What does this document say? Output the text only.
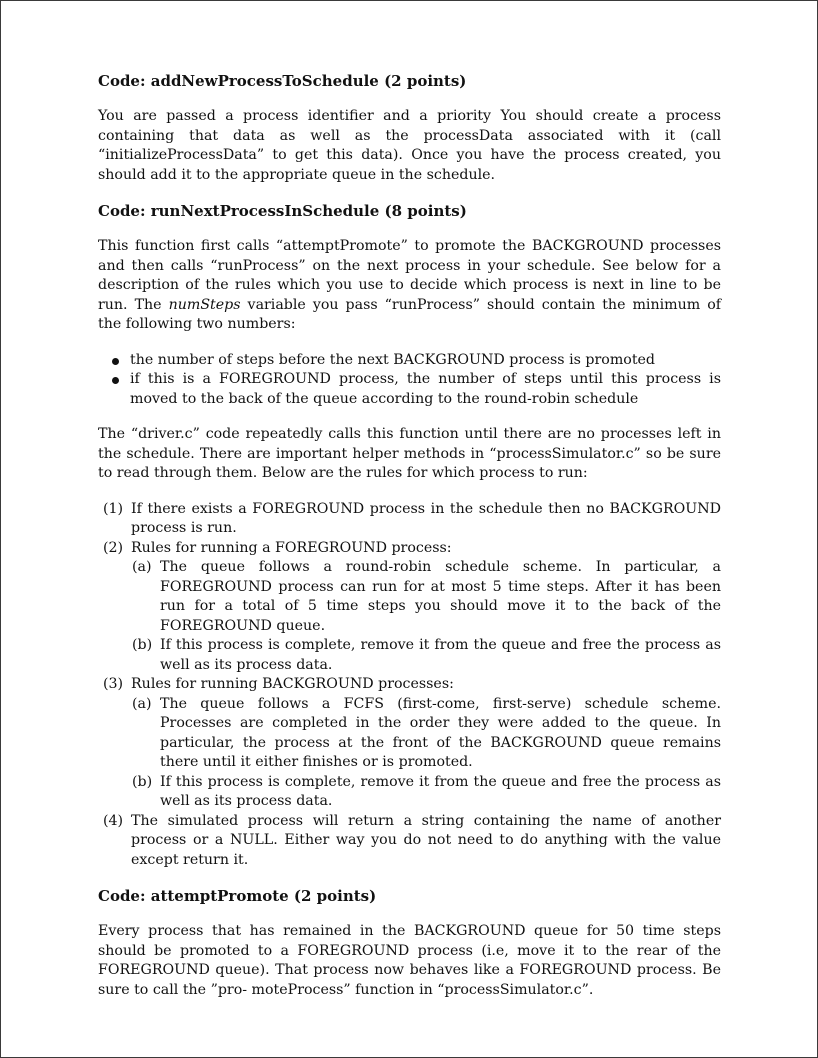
Code: addNewProcessToSchedule (2 points)

You are passed a process identifier and a priority You should create a process containing that data as well as the processData associated with it (call “initializeProcessData” to get this data). Once you have the process created, you should add it to the appropriate queue in the schedule.

Code: runNextProcessInSchedule (8 points)

This function first calls “attemptPromote” to promote the BACKGROUND processes and then calls “runProcess” on the next process in your schedule. See below for a description of the rules which you use to decide which process is next in line to be run. The numSteps variable you pass “runProcess” should contain the minimum of the following two numbers:

the number of steps before the next BACKGROUND process is promoted
if this is a FOREGROUND process, the number of steps until this process is moved to the back of the queue according to the round-robin schedule

The “driver.c” code repeatedly calls this function until there are no processes left in the schedule. There are important helper methods in “processSimulator.c” so be sure to read through them. Below are the rules for which process to run:

(1) If there exists a FOREGROUND process in the schedule then no BACKGROUND process is run.
(2) Rules for running a FOREGROUND process:
(a) The queue follows a round-robin schedule scheme. In particular, a FOREGROUND process can run for at most 5 time steps. After it has been run for a total of 5 time steps you should move it to the back of the FOREGROUND queue.
(b) If this process is complete, remove it from the queue and free the process as well as its process data.
(3) Rules for running BACKGROUND processes:
(a) The queue follows a FCFS (first-come, first-serve) schedule scheme. Processes are completed in the order they were added to the queue. In particular, the process at the front of the BACKGROUND queue remains there until it either finishes or is promoted.
(b) If this process is complete, remove it from the queue and free the process as well as its process data.
(4) The simulated process will return a string containing the name of another process or a NULL. Either way you do not need to do anything with the value except return it.
Code: attemptPromote (2 points)

Every process that has remained in the BACKGROUND queue for 50 time steps should be promoted to a FOREGROUND process (i.e, move it to the rear of the FOREGROUND queue). That process now behaves like a FOREGROUND process. Be sure to call the ”pro- moteProcess” function in “processSimulator.c”.
